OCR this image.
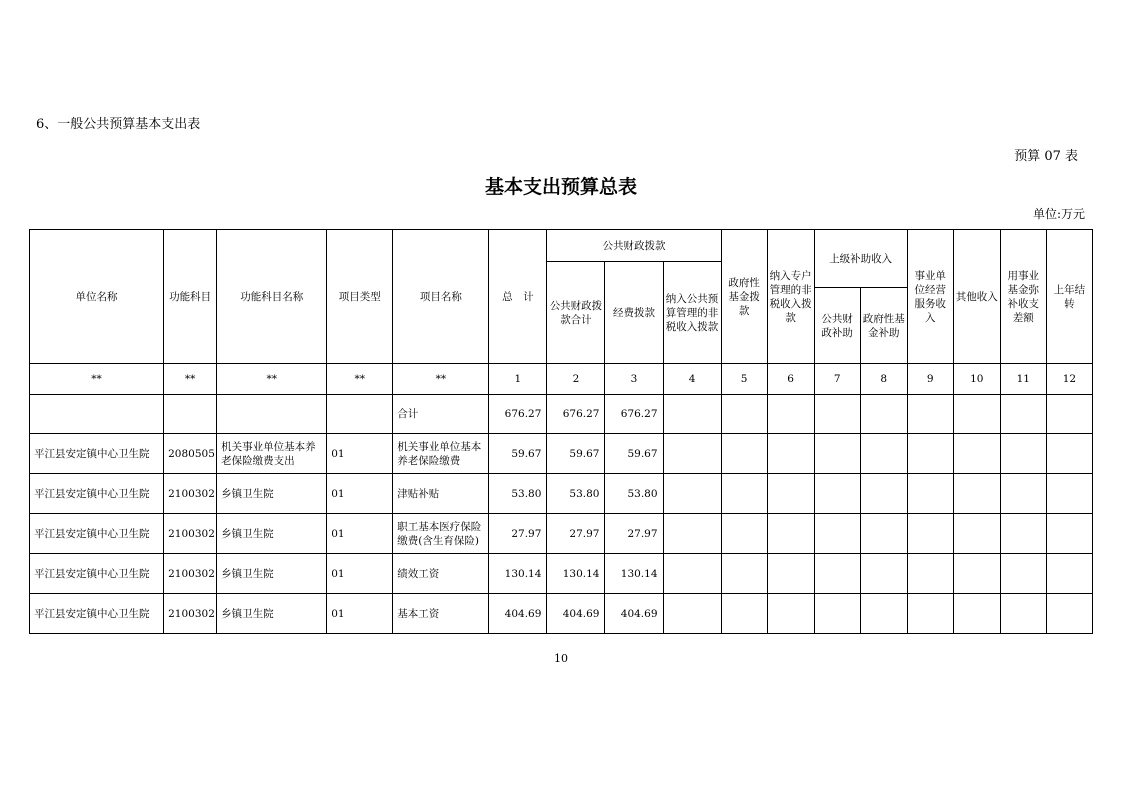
6、一般公共预算基本支出表
预算 07 表
基本支出预算总表
单位:万元
单位名称	功能科目	功能科目名称	项目类型	项目名称	总　计	公共财政拨款			政府性基金拨款	纳入专户管理的非税收入拨款	上级补助收入		事业单位经营服务收入	其他收入	用事业基金弥补收支差额	上年结转
						公共财政拨款合计	经费拨款	纳入公共预算管理的非税收入拨款								
											公共财政补助	政府性基金补助				
**	**	**	**	**	1	2	3	4	5	6	7	8	9	10	11	12
				合计	676.27	676.27	676.27									
平江县安定镇中心卫生院	2080505	机关事业单位基本养老保险缴费支出	01	机关事业单位基本养老保险缴费	59.67	59.67	59.67									
平江县安定镇中心卫生院	2100302	乡镇卫生院	01	津贴补贴	53.80	53.80	53.80									
平江县安定镇中心卫生院	2100302	乡镇卫生院	01	职工基本医疗保险缴费(含生育保险)	27.97	27.97	27.97									
平江县安定镇中心卫生院	2100302	乡镇卫生院	01	绩效工资	130.14	130.14	130.14									
平江县安定镇中心卫生院	2100302	乡镇卫生院	01	基本工资	404.69	404.69	404.69									
10
